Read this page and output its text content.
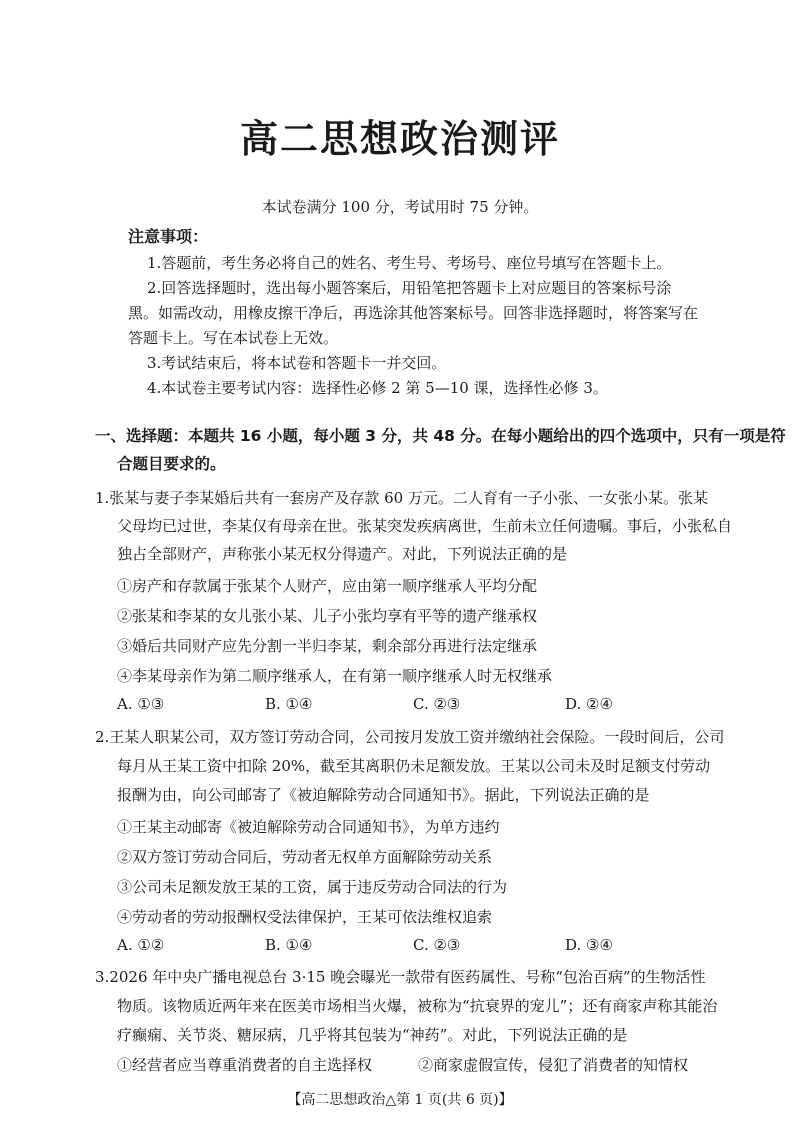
高二思想政治测评
本试卷满分 100 分，考试用时 75 分钟。
注意事项：
1.答题前，考生务必将自己的姓名、考生号、考场号、座位号填写在答题卡上。
2.回答选择题时，选出每小题答案后，用铅笔把答题卡上对应题目的答案标号涂
黑。如需改动，用橡皮擦干净后，再选涂其他答案标号。回答非选择题时，将答案写在
答题卡上。写在本试卷上无效。
3.考试结束后，将本试卷和答题卡一并交回。
4.本试卷主要考试内容：选择性必修 2 第 5—10 课，选择性必修 3。
一、选择题：本题共 16 小题，每小题 3 分，共 48 分。在每小题给出的四个选项中，只有一项是符
合题目要求的。
1.张某与妻子李某婚后共有一套房产及存款 60 万元。二人育有一子小张、一女张小某。张某
父母均已过世，李某仅有母亲在世。张某突发疾病离世，生前未立任何遗嘱。事后，小张私自
独占全部财产，声称张小某无权分得遗产。对此，下列说法正确的是
①房产和存款属于张某个人财产，应由第一顺序继承人平均分配
②张某和李某的女儿张小某、儿子小张均享有平等的遗产继承权
③婚后共同财产应先分割一半归李某，剩余部分再进行法定继承
④李某母亲作为第二顺序继承人，在有第一顺序继承人时无权继承
A. ①③	B. ①④	C. ②③	D. ②④
2.王某人职某公司，双方签订劳动合同，公司按月发放工资并缴纳社会保险。一段时间后，公司
每月从王某工资中扣除 20%，截至其离职仍未足额发放。王某以公司未及时足额支付劳动
报酬为由，向公司邮寄了《被迫解除劳动合同通知书》。据此，下列说法正确的是
①王某主动邮寄《被迫解除劳动合同通知书》，为单方违约
②双方签订劳动合同后，劳动者无权单方面解除劳动关系
③公司未足额发放王某的工资，属于违反劳动合同法的行为
④劳动者的劳动报酬权受法律保护，王某可依法维权追索
A. ①②	B. ①④	C. ②③	D. ③④
3.2026 年中央广播电视总台 3·15 晚会曝光一款带有医药属性、号称“包治百病”的生物活性
物质。该物质近两年来在医美市场相当火爆，被称为“抗衰界的宠儿”；还有商家声称其能治
疗癫痫、关节炎、糖尿病，几乎将其包装为“神药”。对此，下列说法正确的是
①经营者应当尊重消费者的自主选择权	②商家虚假宣传，侵犯了消费者的知情权
【高二思想政治△第 1 页(共 6 页)】
